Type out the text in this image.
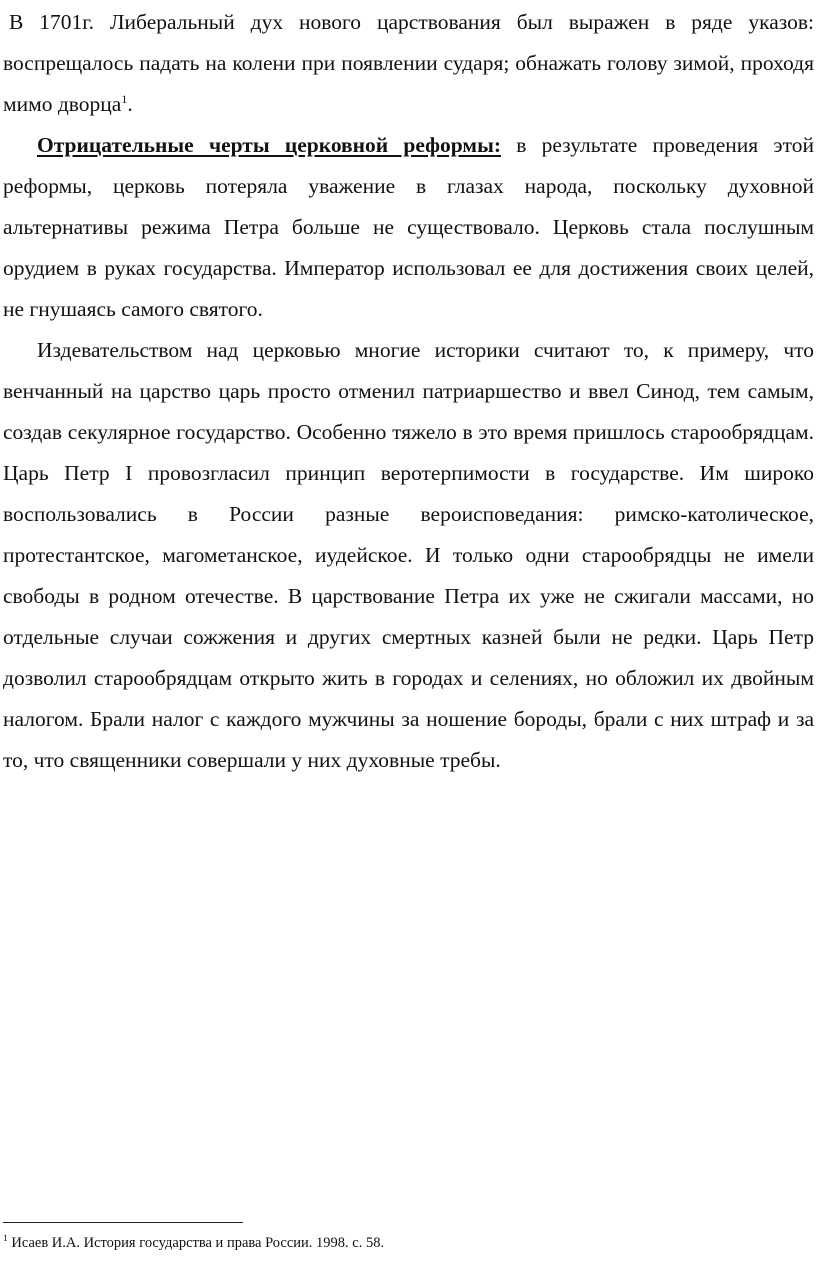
В 1701г. Либеральный дух нового царствования был выражен в ряде указов: воспрещалось падать на колени при появлении сударя; обнажать голову зимой, проходя мимо дворца$^1$.

Отрицательные черты церковной реформы: в результате проведения этой реформы, церковь потеряла уважение в глазах народа, поскольку духовной альтернативы режима Петра больше не существовало. Церковь стала послушным орудием в руках государства. Император использовал ее для достижения своих целей, не гнушаясь самого святого.

Издевательством над церковью многие историки считают то, к примеру, что венчанный на царство царь просто отменил патриаршество и ввел Синод, тем самым, создав секулярное государство. Особенно тяжело в это время пришлось старообрядцам. Царь Петр I провозгласил принцип веротерпимости в государстве. Им широко воспользовались в России разные вероисповедания: римско-католическое, протестантское, магометанское, иудейское. И только одни старообрядцы не имели свободы в родном отечестве. В царствование Петра их уже не сжигали массами, но отдельные случаи сожжения и других смертных казней были не редки. Царь Петр дозволил старообрядцам открыто жить в городах и селениях, но обложил их двойным налогом. Брали налог с каждого мужчины за ношение бороды, брали с них штраф и за то, что священники совершали у них духовные требы.

$^1$ Исаев И.А. История государства и права России. 1998. с. 58.
